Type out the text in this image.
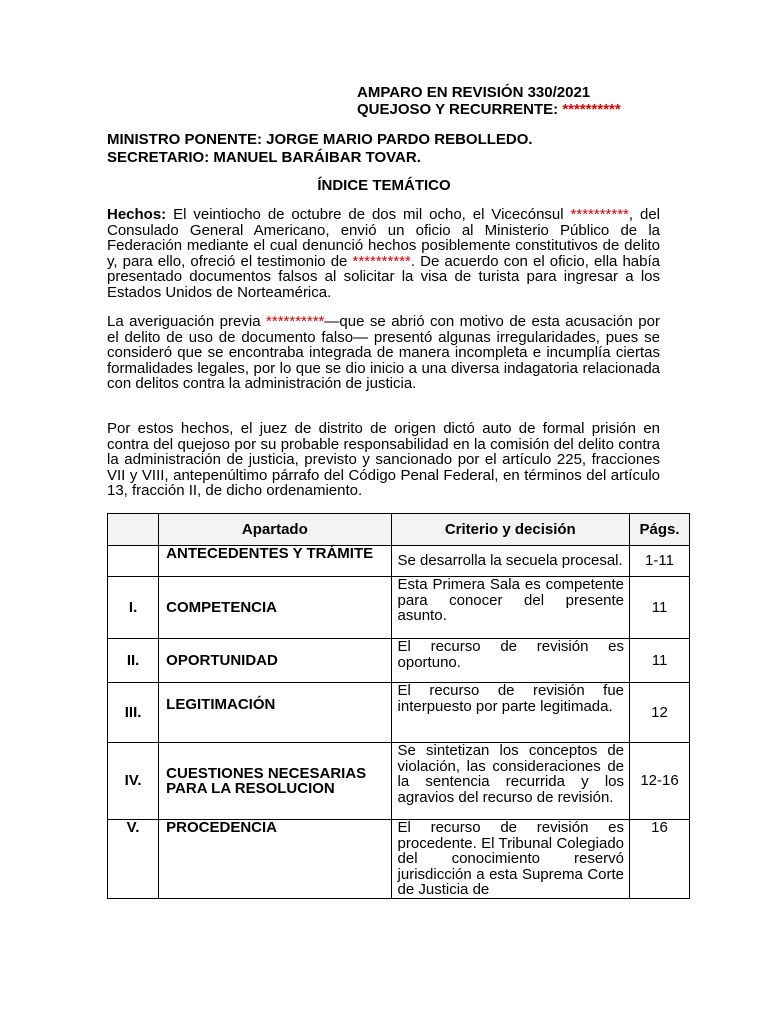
AMPARO EN REVISIÓN 330/2021
QUEJOSO Y RECURRENTE: **********
MINISTRO PONENTE: JORGE MARIO PARDO REBOLLEDO.
SECRETARIO: MANUEL BARÁIBAR TOVAR.
ÍNDICE TEMÁTICO
Hechos: El veintiocho de octubre de dos mil ocho, el Vicecónsul **********, del Consulado General Americano, envió un oficio al Ministerio Público de la Federación mediante el cual denunció hechos posiblemente constitutivos de delito y, para ello, ofreció el testimonio de **********. De acuerdo con el oficio, ella había presentado documentos falsos al solicitar la visa de turista para ingresar a los Estados Unidos de Norteamérica.
La averiguación previa **********—que se abrió con motivo de esta acusación por el delito de uso de documento falso— presentó algunas irregularidades, pues se consideró que se encontraba integrada de manera incompleta e incumplía ciertas formalidades legales, por lo que se dio inicio a una diversa indagatoria relacionada con delitos contra la administración de justicia.
Por estos hechos, el juez de distrito de origen dictó auto de formal prisión en contra del quejoso por su probable responsabilidad en la comisión del delito contra la administración de justicia, previsto y sancionado por el artículo 225, fracciones VII y VIII, antepenúltimo párrafo del Código Penal Federal, en términos del artículo 13, fracción II, de dicho ordenamiento.
	Apartado	Criterio y decisión	Págs.
	ANTECEDENTES Y TRÁMITE	Se desarrolla la secuela procesal.	1-11
I.	COMPETENCIA	Esta Primera Sala es competente para conocer del presente asunto.	11
II.	OPORTUNIDAD	El recurso de revisión es oportuno.	11
III.	LEGITIMACIÓN	El recurso de revisión fue interpuesto por parte legitimada.	12
IV.	CUESTIONES NECESARIAS PARA LA RESOLUCION	Se sintetizan los conceptos de violación, las consideraciones de la sentencia recurrida y los agravios del recurso de revisión.	12-16
V.	PROCEDENCIA	El recurso de revisión es procedente. El Tribunal Colegiado del conocimiento reservó jurisdicción a esta Suprema Corte de Justicia de	16
